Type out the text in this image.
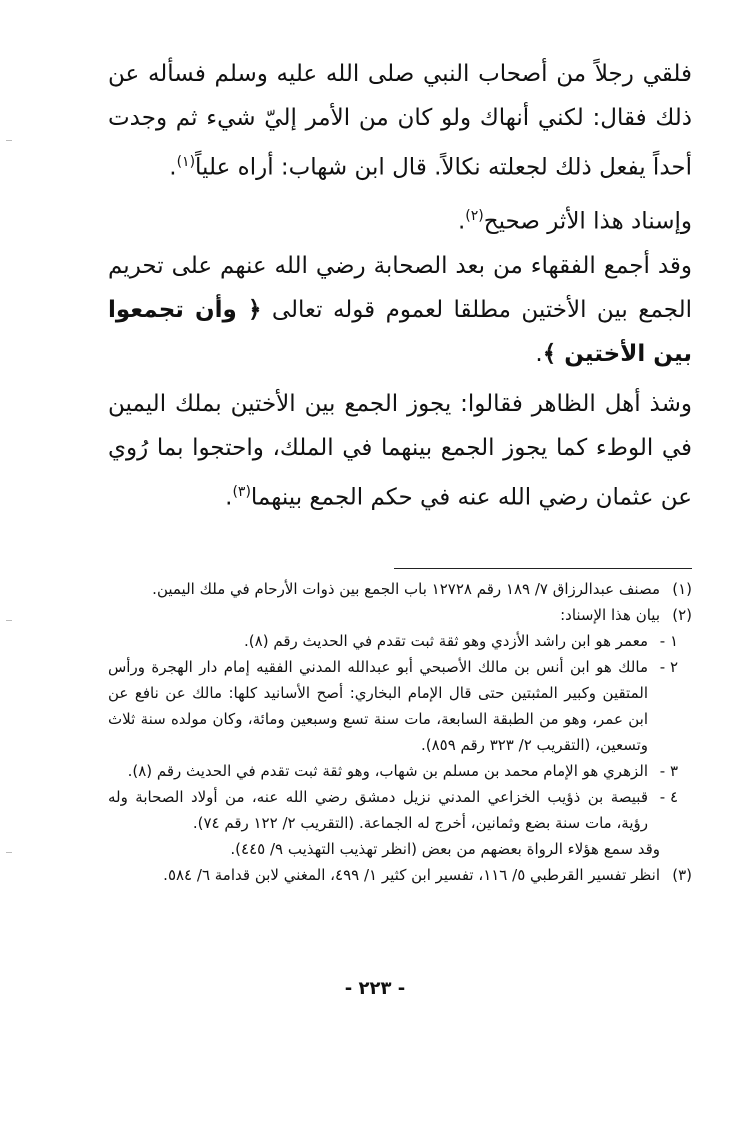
فلقي رجلاً من أصحاب النبي صلى الله عليه وسلم فسأله عن ذلك فقال: لكني أنهاك ولو كان من الأمر إليّ شيء ثم وجدت أحداً يفعل ذلك لجعلته نكالاً. قال ابن شهاب: أراه علياً$^{(١)}$.

وإسناد هذا الأثر صحيح$^{(٢)}$.

وقد أجمع الفقهاء من بعد الصحابة رضي الله عنهم على تحريم الجمع بين الأختين مطلقا لعموم قوله تعالى ﴿ وأن تجمعوا بين الأختين ﴾.

وشذ أهل الظاهر فقالوا: يجوز الجمع بين الأختين بملك اليمين في الوطء كما يجوز الجمع بينهما في الملك، واحتجوا بما رُوي عن عثمان رضي الله عنه في حكم الجمع بينهما$^{(٣)}$.

(١)
مصنف عبدالرزاق ٧/ ١٨٩ رقم ١٢٧٢٨ باب الجمع بين ذوات الأرحام في ملك اليمين.
(٢)
بيان هذا الإسناد:
١ -
معمر هو ابن راشد الأزدي وهو ثقة ثبت تقدم في الحديث رقم (٨).
٢ -
مالك هو ابن أنس بن مالك الأصبحي أبو عبدالله المدني الفقيه إمام دار الهجرة ورأس المتقين وكبير المثبتين حتى قال الإمام البخاري: أصح الأسانيد كلها: مالك عن نافع عن ابن عمر، وهو من الطبقة السابعة، مات سنة تسع وسبعين ومائة، وكان مولده سنة ثلاث وتسعين، (التقريب ٢/ ٣٢٣ رقم ٨٥٩).
٣ -
الزهري هو الإمام محمد بن مسلم بن شهاب، وهو ثقة ثبت تقدم في الحديث رقم (٨).
٤ -
قبيصة بن ذؤيب الخزاعي المدني نزيل دمشق رضي الله عنه، من أولاد الصحابة وله رؤية، مات سنة بضع وثمانين، أخرج له الجماعة. (التقريب ٢/ ١٢٢ رقم ٧٤).
وقد سمع هؤلاء الرواة بعضهم من بعض (انظر تهذيب التهذيب ٩/ ٤٤٥).
(٣)
انظر تفسير القرطبي ٥/ ١١٦، تفسير ابن كثير ١/ ٤٩٩، المغني لابن قدامة ٦/ ٥٨٤.
- ٢٢٣ -
